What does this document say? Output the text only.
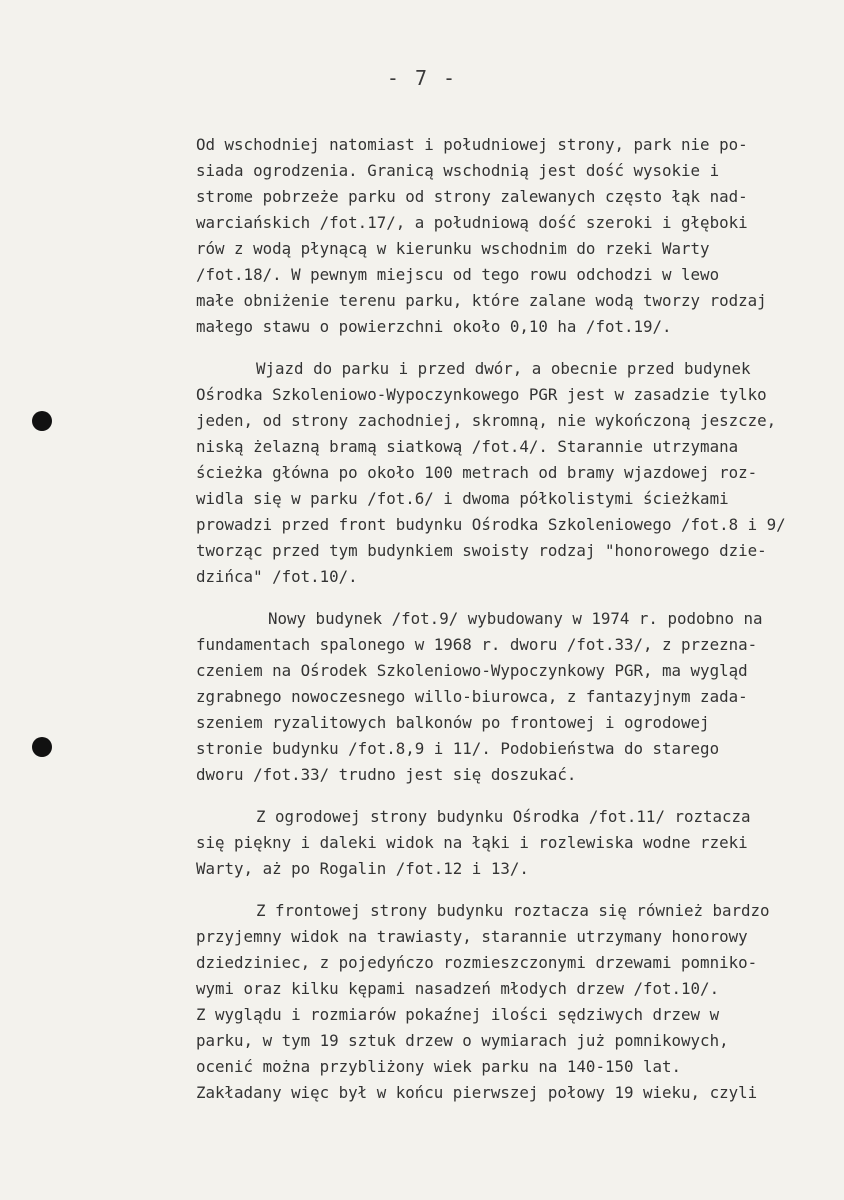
- 7 -
Od wschodniej natomiast i południowej strony, park nie po-
siada ogrodzenia. Granicą wschodnią jest dość wysokie i
strome pobrzeże parku od strony zalewanych często łąk nad-
warciańskich /fot.17/, a południową dość szeroki i głęboki
rów z wodą płynącą w kierunku wschodnim do rzeki Warty
/fot.18/. W pewnym miejscu od tego rowu odchodzi w lewo
małe obniżenie terenu parku, które zalane wodą tworzy rodzaj
małego stawu o powierzchni około 0,10 ha /fot.19/.
Wjazd do parku i przed dwór, a obecnie przed budynek
Ośrodka Szkoleniowo-Wypoczynkowego PGR jest w zasadzie tylko
jeden, od strony zachodniej, skromną, nie wykończoną jeszcze,
niską żelazną bramą siatkową /fot.4/. Starannie utrzymana
ścieżka główna po około 100 metrach od bramy wjazdowej roz-
widla się w parku /fot.6/ i dwoma półkolistymi ścieżkami
prowadzi przed front budynku Ośrodka Szkoleniowego /fot.8 i 9/
tworząc przed tym budynkiem swoisty rodzaj "honorowego dzie-
dzińca" /fot.10/.
Nowy budynek /fot.9/ wybudowany w 1974 r. podobno na
fundamentach spalonego w 1968 r. dworu /fot.33/, z przezna-
czeniem na Ośrodek Szkoleniowo-Wypoczynkowy PGR, ma wygląd
zgrabnego nowoczesnego willo-biurowca, z fantazyjnym zada-
szeniem ryzalitowych balkonów po frontowej i ogrodowej
stronie budynku /fot.8,9 i 11/. Podobieństwa do starego
dworu /fot.33/ trudno jest się doszukać.
Z ogrodowej strony budynku Ośrodka /fot.11/ roztacza
się piękny i daleki widok na łąki i rozlewiska wodne rzeki
Warty, aż po Rogalin /fot.12 i 13/.
Z frontowej strony budynku roztacza się również bardzo
przyjemny widok na trawiasty, starannie utrzymany honorowy
dziedziniec, z pojedyńczo rozmieszczonymi drzewami pomniko-
wymi oraz kilku kępami nasadzeń młodych drzew /fot.10/.
Z wyglądu i rozmiarów pokaźnej ilości sędziwych drzew w
parku, w tym 19 sztuk drzew o wymiarach już pomnikowych,
ocenić można przybliżony wiek parku na 140-150 lat.
Zakładany więc był w końcu pierwszej połowy 19 wieku, czyli
